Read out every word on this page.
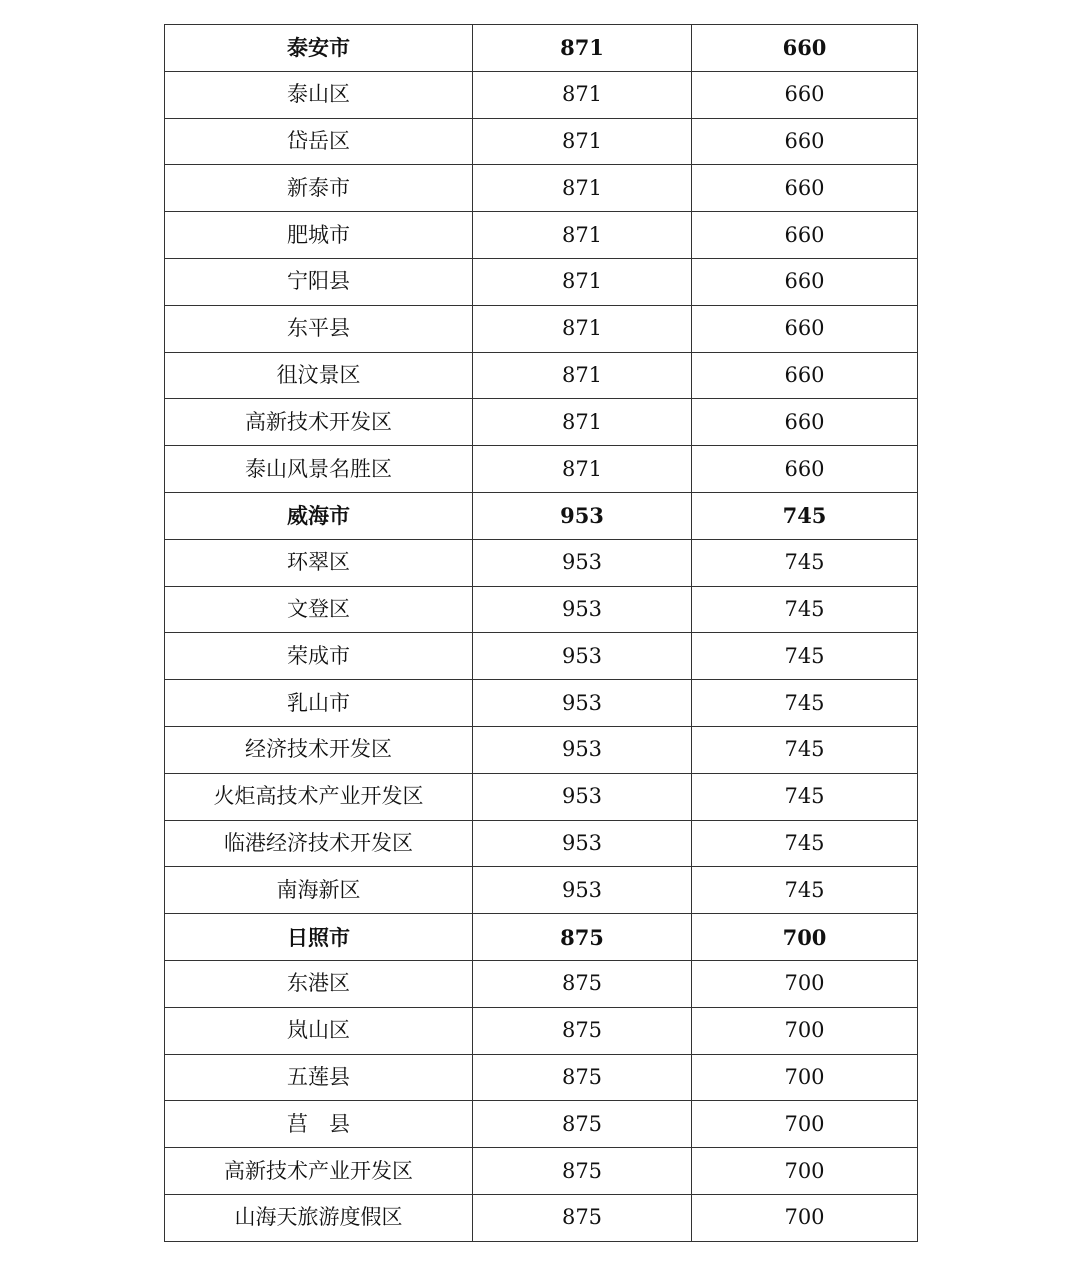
泰安市	871	660
泰山区	871	660
岱岳区	871	660
新泰市	871	660
肥城市	871	660
宁阳县	871	660
东平县	871	660
徂汶景区	871	660
高新技术开发区	871	660
泰山风景名胜区	871	660
威海市	953	745
环翠区	953	745
文登区	953	745
荣成市	953	745
乳山市	953	745
经济技术开发区	953	745
火炬高技术产业开发区	953	745
临港经济技术开发区	953	745
南海新区	953	745
日照市	875	700
东港区	875	700
岚山区	875	700
五莲县	875	700
莒　县	875	700
高新技术产业开发区	875	700
山海天旅游度假区	875	700
